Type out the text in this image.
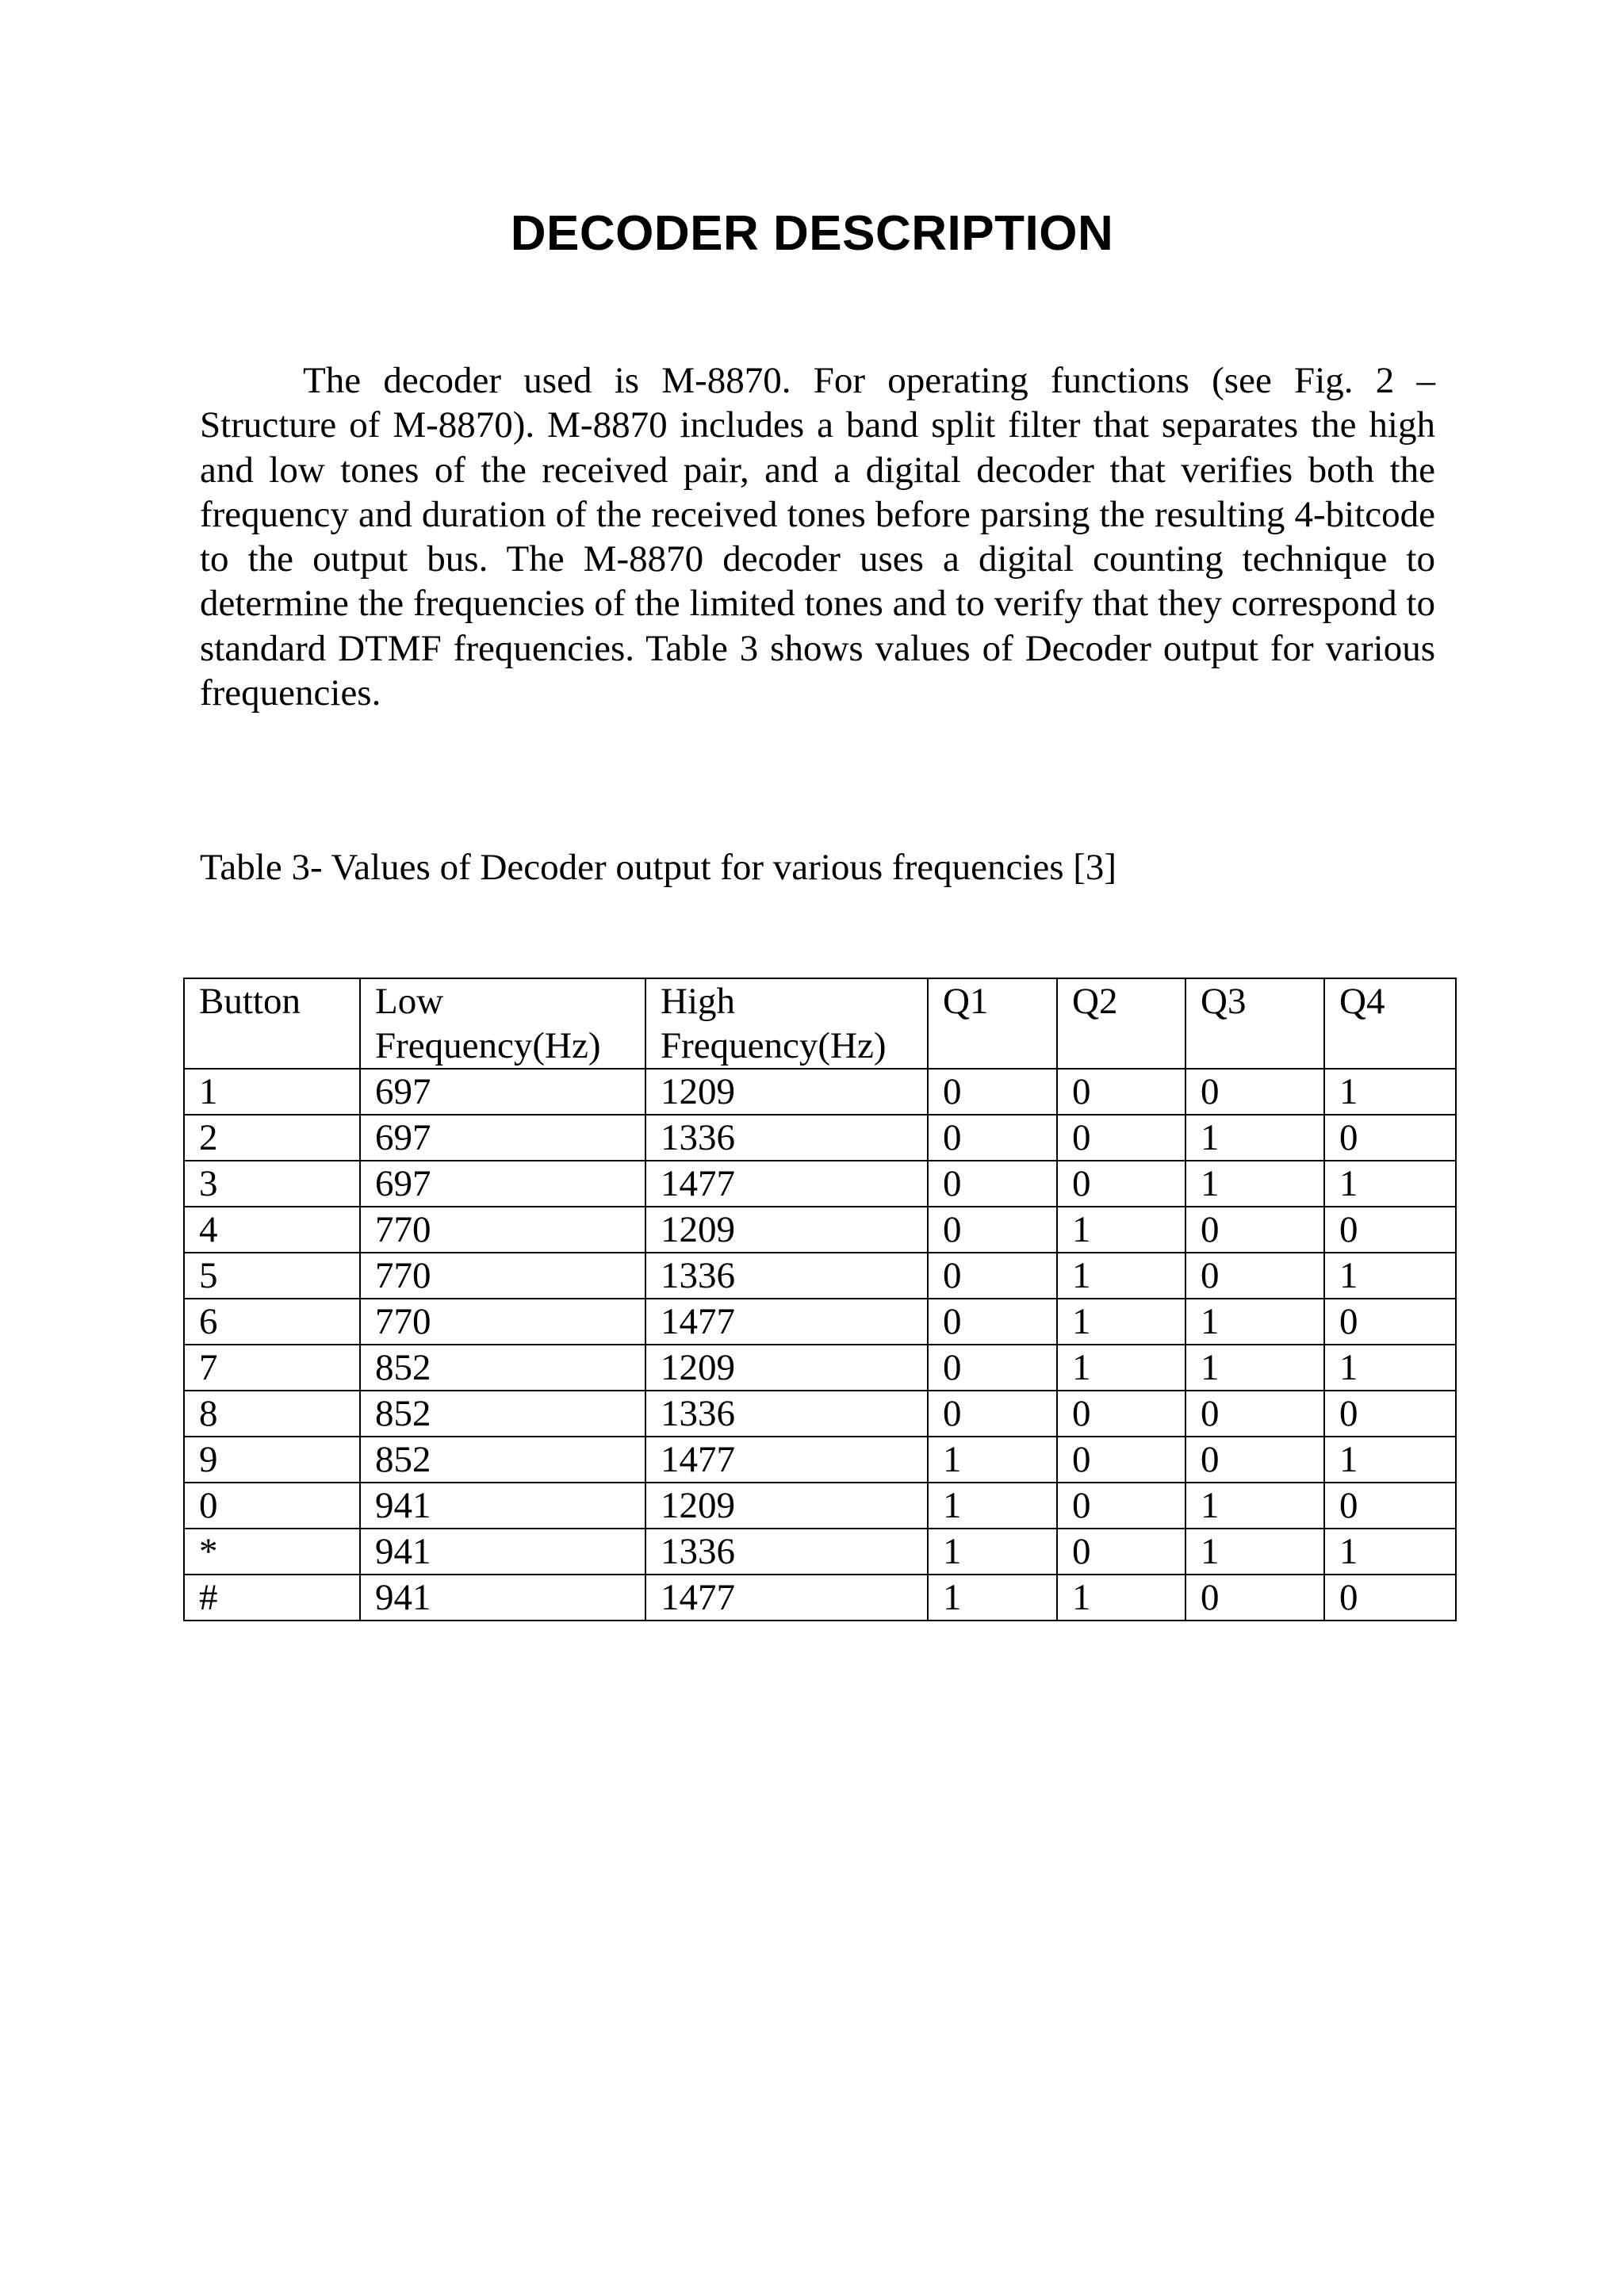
DECODER DESCRIPTION

The decoder used is M-8870. For operating functions (see Fig. 2 – Structure of M-8870). M-8870 includes a band split filter that separates the high and low tones of the received pair, and a digital decoder that verifies both the frequency and duration of the received tones before parsing the resulting 4-bitcode to the output bus. The M-8870 decoder uses a digital counting technique to determine the frequencies of the limited tones and to verify that they correspond to standard DTMF frequencies. Table 3 shows values of Decoder output for various frequencies.

Table 3- Values of Decoder output for various frequencies [3]

Button	Low Frequency(Hz)	High Frequency(Hz)	Q1	Q2	Q3	Q4
1	697	1209	0	0	0	1
2	697	1336	0	0	1	0
3	697	1477	0	0	1	1
4	770	1209	0	1	0	0
5	770	1336	0	1	0	1
6	770	1477	0	1	1	0
7	852	1209	0	1	1	1
8	852	1336	0	0	0	0
9	852	1477	1	0	0	1
0	941	1209	1	0	1	0
*	941	1336	1	0	1	1
#	941	1477	1	1	0	0
